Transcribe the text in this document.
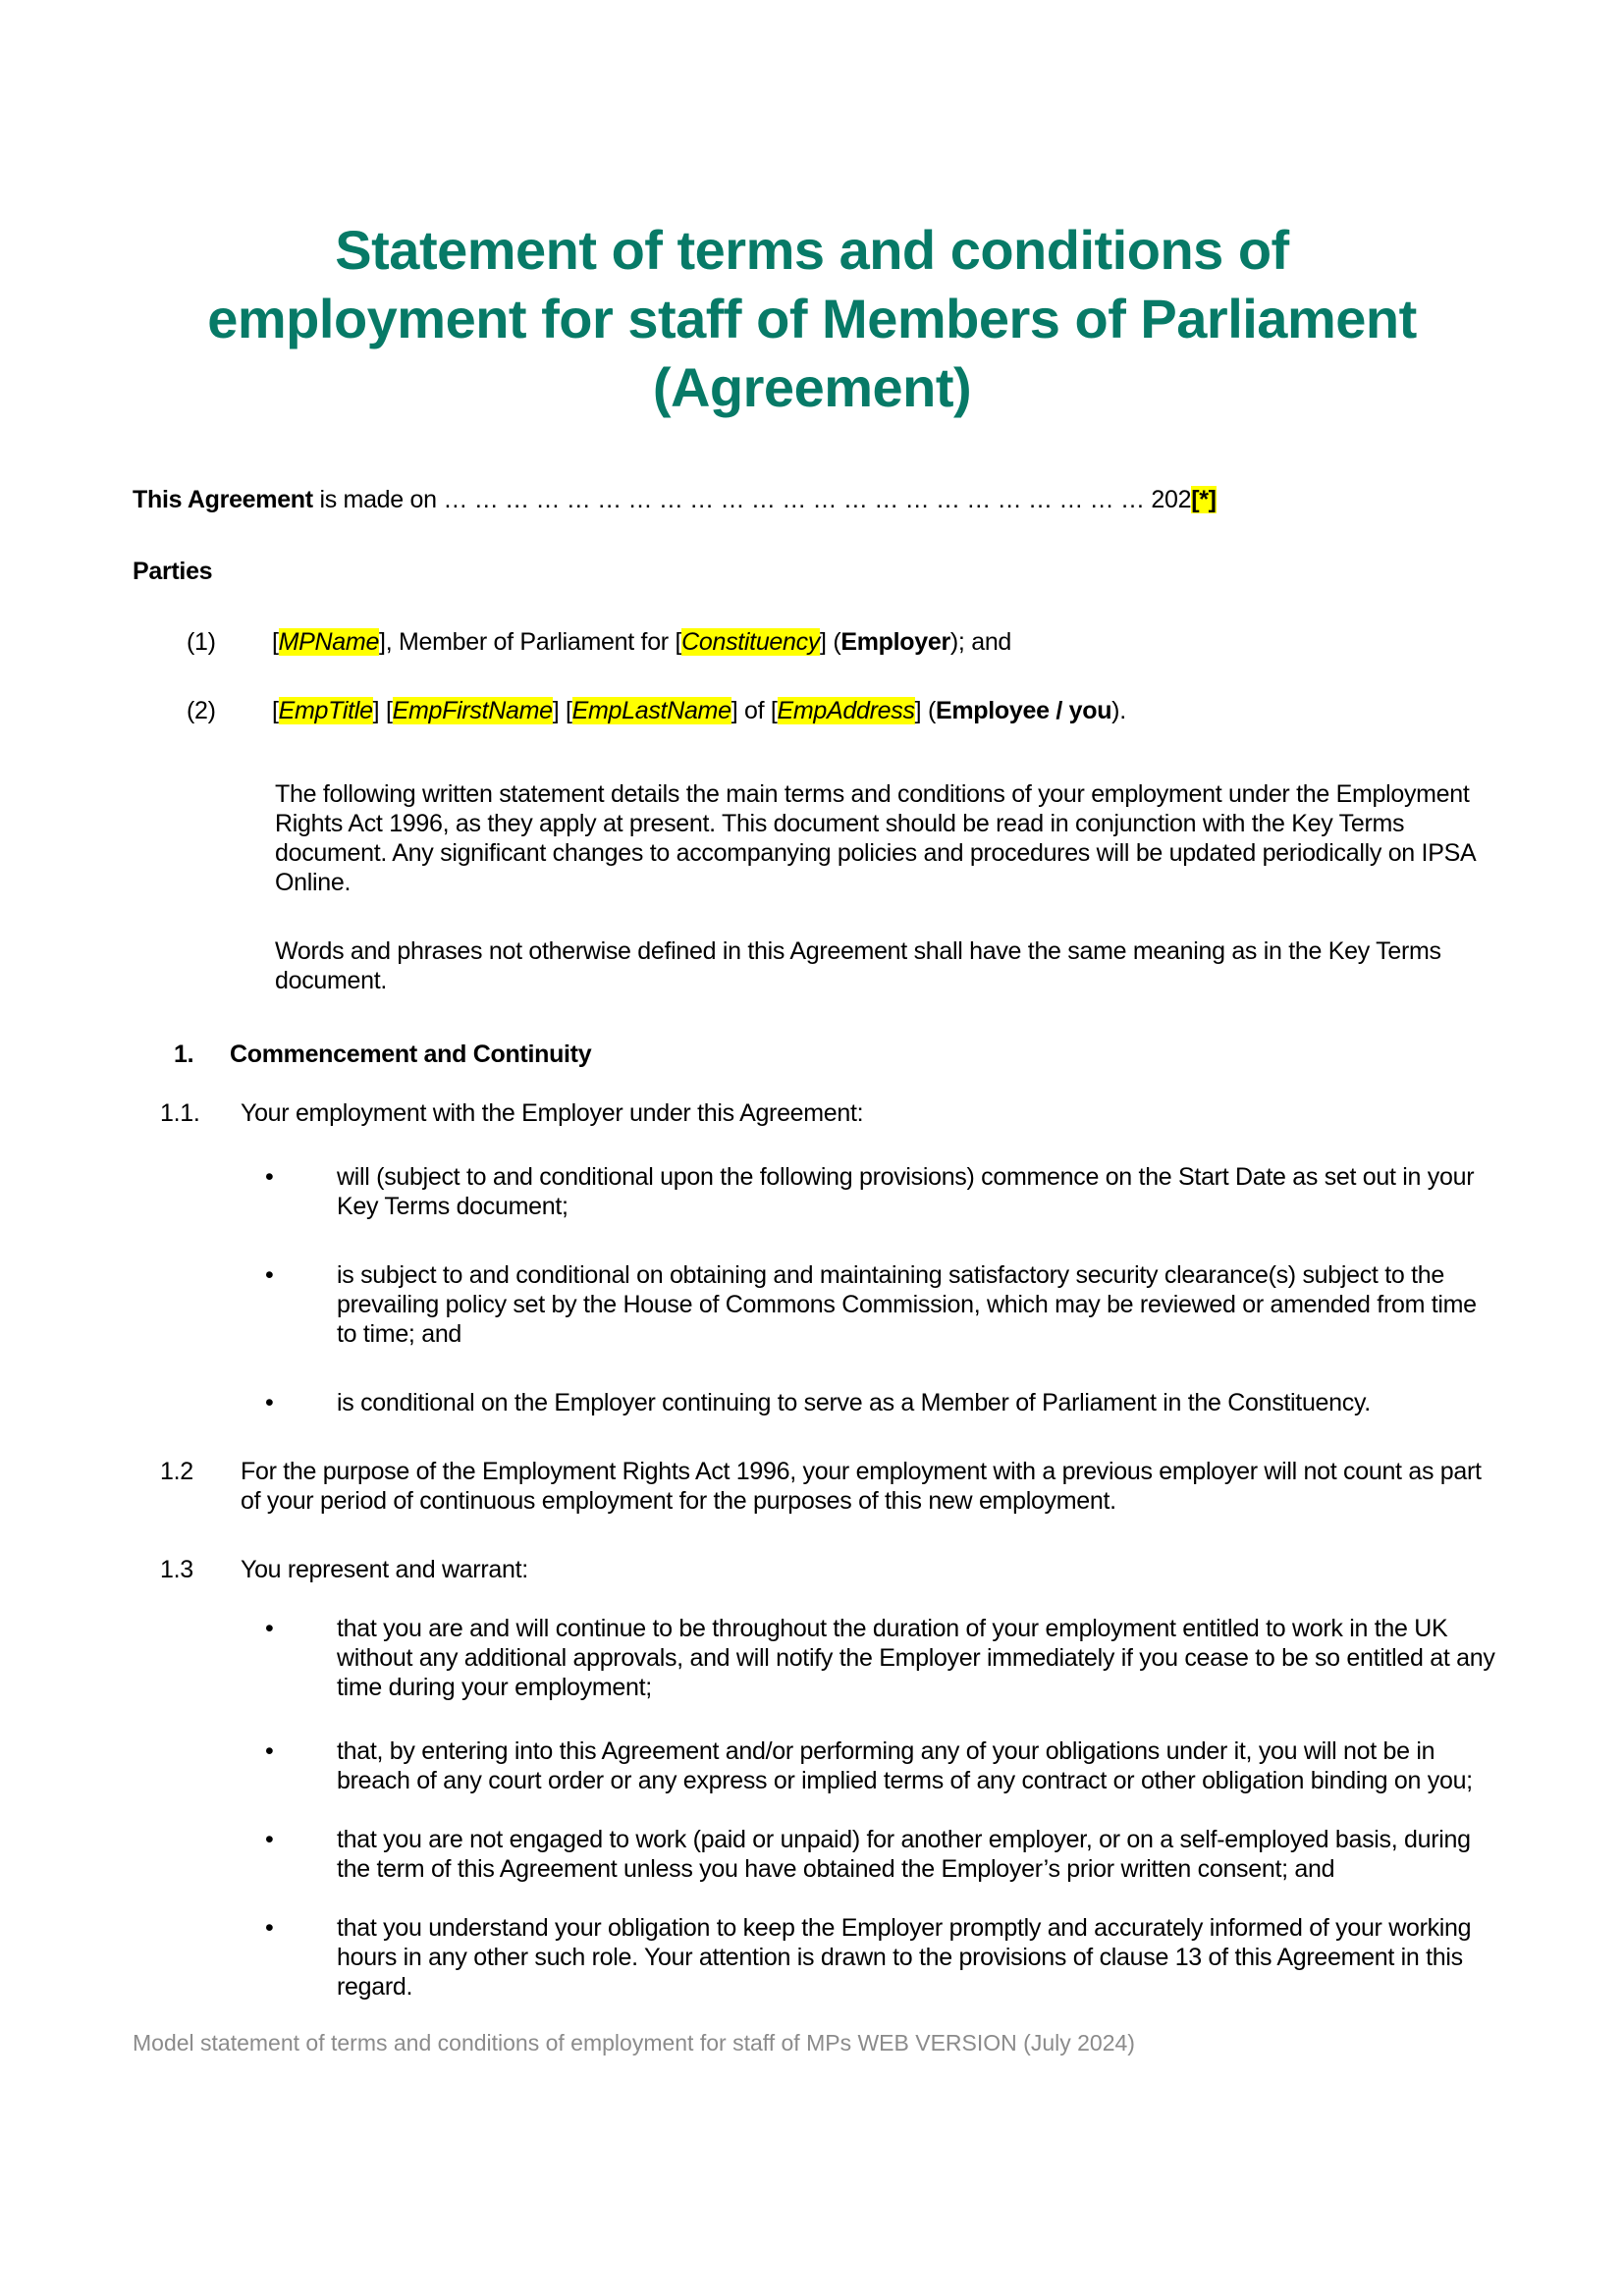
Statement of terms and conditions of employment for staff of Members of Parliament (Agreement)
This Agreement is made on … … … … … … … … … … … … … … … … … … … … … … … 202[*]
Parties
(1)	[MPName], Member of Parliament for [Constituency] (Employer); and
(2)	[EmpTitle] [EmpFirstName] [EmpLastName] of [EmpAddress] (Employee / you).
The following written statement details the main terms and conditions of your employment under the Employment Rights Act 1996, as they apply at present. This document should be read in conjunction with the Key Terms document. Any significant changes to accompanying policies and procedures will be updated periodically on IPSA Online.
Words and phrases not otherwise defined in this Agreement shall have the same meaning as in the Key Terms document.
1.	Commencement and Continuity
1.1.	Your employment with the Employer under this Agreement:
•	will (subject to and conditional upon the following provisions) commence on the Start Date as set out in your Key Terms document;
•	is subject to and conditional on obtaining and maintaining satisfactory security clearance(s) subject to the prevailing policy set by the House of Commons Commission, which may be reviewed or amended from time to time; and
•	is conditional on the Employer continuing to serve as a Member of Parliament in the Constituency.
1.2	For the purpose of the Employment Rights Act 1996, your employment with a previous employer will not count as part of your period of continuous employment for the purposes of this new employment.
1.3	You represent and warrant:
•	that you are and will continue to be throughout the duration of your employment entitled to work in the UK without any additional approvals, and will notify the Employer immediately if you cease to be so entitled at any time during your employment;
•	that, by entering into this Agreement and/or performing any of your obligations under it, you will not be in breach of any court order or any express or implied terms of any contract or other obligation binding on you;
•	that you are not engaged to work (paid or unpaid) for another employer, or on a self-employed basis, during the term of this Agreement unless you have obtained the Employer’s prior written consent; and
•	that you understand your obligation to keep the Employer promptly and accurately informed of your working hours in any other such role. Your attention is drawn to the provisions of clause 13 of this Agreement in this regard.
Model statement of terms and conditions of employment for staff of MPs WEB VERSION (July 2024)
